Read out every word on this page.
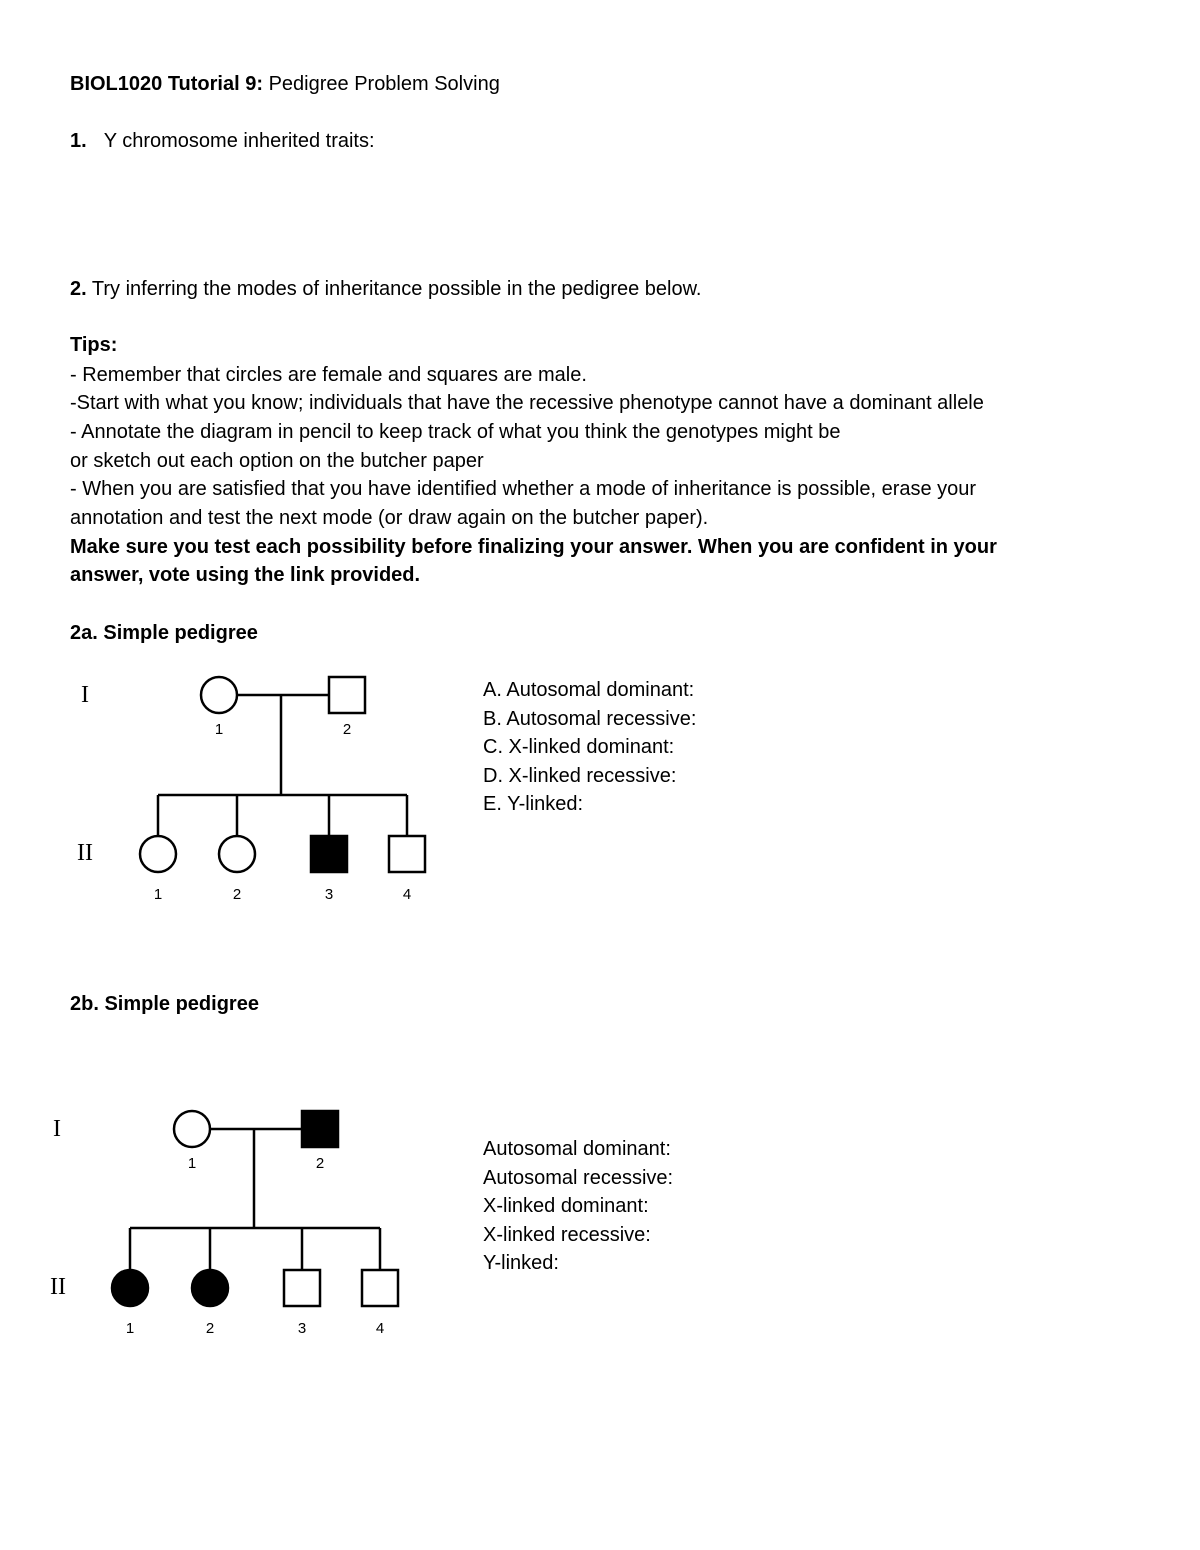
BIOL1020 Tutorial 9: Pedigree Problem Solving
1. Y chromosome inherited traits:
2. Try inferring the modes of inheritance possible in the pedigree below.
Tips:
- Remember that circles are female and squares are male.
-Start with what you know; individuals that have the recessive phenotype cannot have a dominant allele
- Annotate the diagram in pencil to keep track of what you think the genotypes might be
or sketch out each option on the butcher paper
- When you are satisfied that you have identified whether a mode of inheritance is possible, erase your
annotation and test the next mode (or draw again on the butcher paper).
Make sure you test each possibility before finalizing your answer. When you are confident in your
answer, vote using the link provided.
2a. Simple pedigree
I
II
1	2
1	2	3	4
A. Autosomal dominant:
B. Autosomal recessive:
C. X-linked dominant:
D. X-linked recessive:
E. Y-linked:
2b. Simple pedigree
I
II
1	2
1	2	3	4
Autosomal dominant:
Autosomal recessive:
X-linked dominant:
X-linked recessive:
Y-linked:
